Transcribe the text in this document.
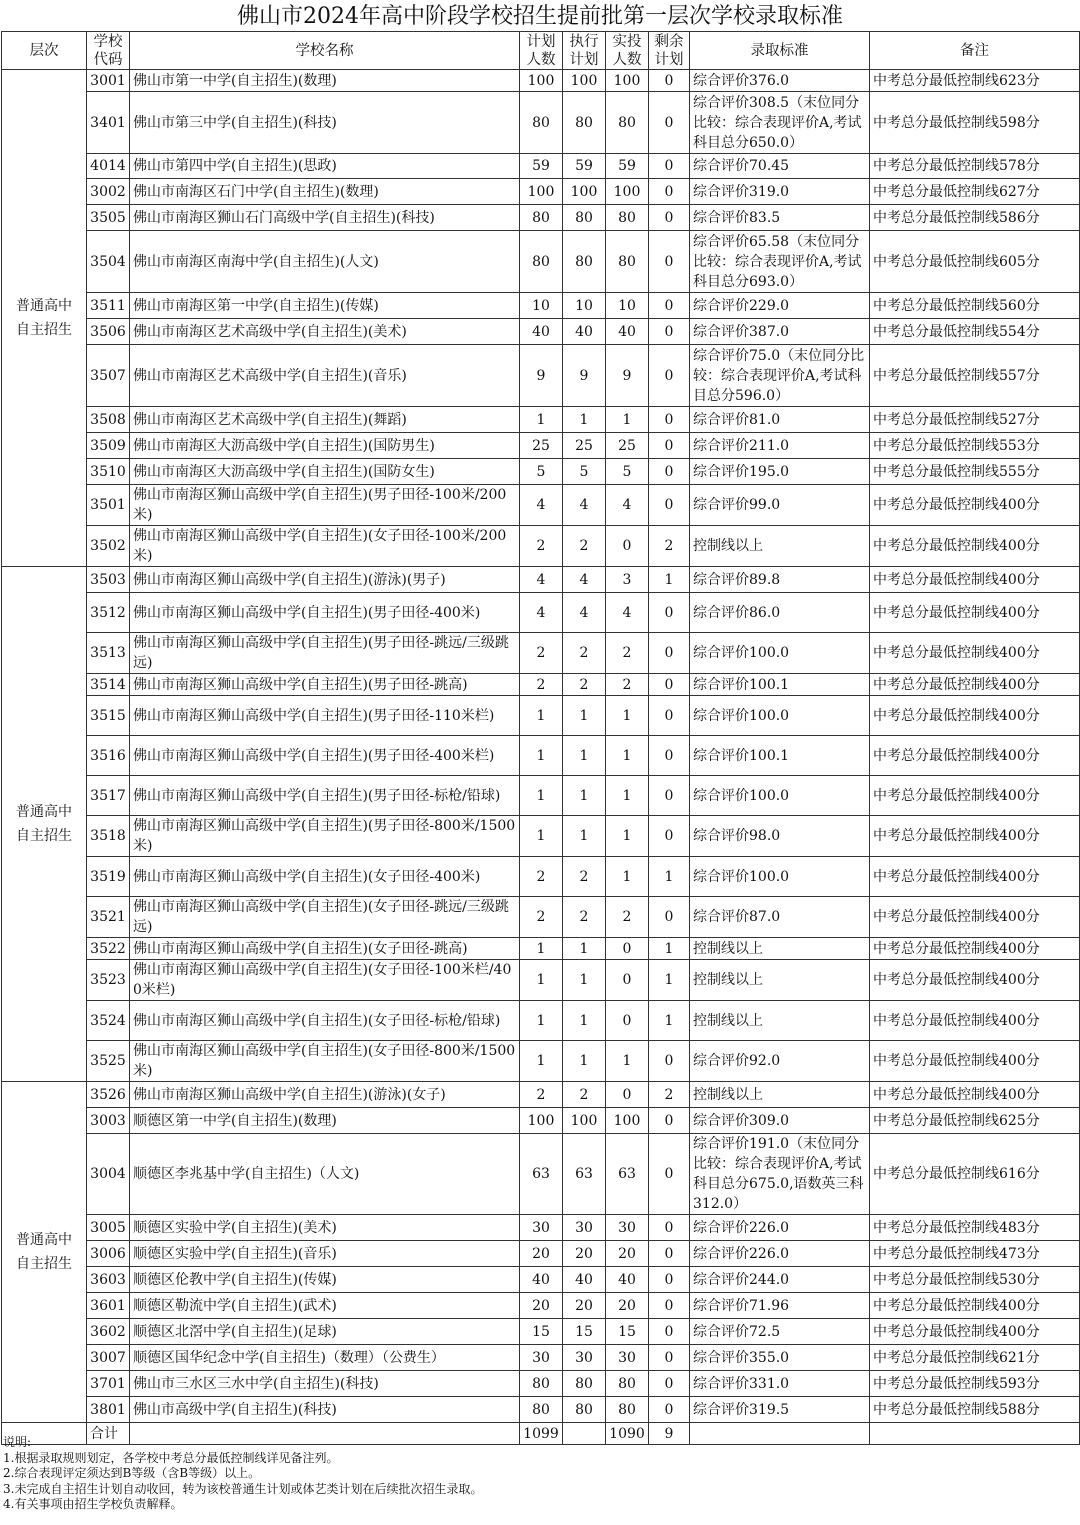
佛山市2024年高中阶段学校招生提前批第一层次学校录取标准
层次	学校代码	学校名称	计划人数	执行计划	实投人数	剩余计划	录取标准	备注
普通高中自主招生	3001	佛山市第一中学(自主招生)(数理)	100	100	100	0	综合评价376.0	中考总分最低控制线623分
	3401	佛山市第三中学(自主招生)(科技)	80	80	80	0	综合评价308.5（末位同分比较：综合表现评价A,考试科目总分650.0）	中考总分最低控制线598分
	4014	佛山市第四中学(自主招生)(思政)	59	59	59	0	综合评价70.45	中考总分最低控制线578分
	3002	佛山市南海区石门中学(自主招生)(数理)	100	100	100	0	综合评价319.0	中考总分最低控制线627分
	3505	佛山市南海区狮山石门高级中学(自主招生)(科技)	80	80	80	0	综合评价83.5	中考总分最低控制线586分
	3504	佛山市南海区南海中学(自主招生)(人文)	80	80	80	0	综合评价65.58（末位同分比较：综合表现评价A,考试科目总分693.0）	中考总分最低控制线605分
	3511	佛山市南海区第一中学(自主招生)(传媒)	10	10	10	0	综合评价229.0	中考总分最低控制线560分
	3506	佛山市南海区艺术高级中学(自主招生)(美术)	40	40	40	0	综合评价387.0	中考总分最低控制线554分
	3507	佛山市南海区艺术高级中学(自主招生)(音乐)	9	9	9	0	综合评价75.0（末位同分比较：综合表现评价A,考试科目总分596.0）	中考总分最低控制线557分
	3508	佛山市南海区艺术高级中学(自主招生)(舞蹈)	1	1	1	0	综合评价81.0	中考总分最低控制线527分
	3509	佛山市南海区大沥高级中学(自主招生)(国防男生)	25	25	25	0	综合评价211.0	中考总分最低控制线553分
	3510	佛山市南海区大沥高级中学(自主招生)(国防女生)	5	5	5	0	综合评价195.0	中考总分最低控制线555分
	3501	佛山市南海区狮山高级中学(自主招生)(男子田径-100米/200米)	4	4	4	0	综合评价99.0	中考总分最低控制线400分
	3502	佛山市南海区狮山高级中学(自主招生)(女子田径-100米/200米)	2	2	0	2	控制线以上	中考总分最低控制线400分
普通高中自主招生	3503	佛山市南海区狮山高级中学(自主招生)(游泳)(男子)	4	4	3	1	综合评价89.8	中考总分最低控制线400分
	3512	佛山市南海区狮山高级中学(自主招生)(男子田径-400米)	4	4	4	0	综合评价86.0	中考总分最低控制线400分
	3513	佛山市南海区狮山高级中学(自主招生)(男子田径-跳远/三级跳远)	2	2	2	0	综合评价100.0	中考总分最低控制线400分
	3514	佛山市南海区狮山高级中学(自主招生)(男子田径-跳高)	2	2	2	0	综合评价100.1	中考总分最低控制线400分
	3515	佛山市南海区狮山高级中学(自主招生)(男子田径-110米栏)	1	1	1	0	综合评价100.0	中考总分最低控制线400分
	3516	佛山市南海区狮山高级中学(自主招生)(男子田径-400米栏)	1	1	1	0	综合评价100.1	中考总分最低控制线400分
	3517	佛山市南海区狮山高级中学(自主招生)(男子田径-标枪/铅球)	1	1	1	0	综合评价100.0	中考总分最低控制线400分
	3518	佛山市南海区狮山高级中学(自主招生)(男子田径-800米/1500米)	1	1	1	0	综合评价98.0	中考总分最低控制线400分
	3519	佛山市南海区狮山高级中学(自主招生)(女子田径-400米)	2	2	1	1	综合评价100.0	中考总分最低控制线400分
	3521	佛山市南海区狮山高级中学(自主招生)(女子田径-跳远/三级跳远)	2	2	2	0	综合评价87.0	中考总分最低控制线400分
	3522	佛山市南海区狮山高级中学(自主招生)(女子田径-跳高)	1	1	0	1	控制线以上	中考总分最低控制线400分
	3523	佛山市南海区狮山高级中学(自主招生)(女子田径-100米栏/400米栏)	1	1	0	1	控制线以上	中考总分最低控制线400分
	3524	佛山市南海区狮山高级中学(自主招生)(女子田径-标枪/铅球)	1	1	0	1	控制线以上	中考总分最低控制线400分
	3525	佛山市南海区狮山高级中学(自主招生)(女子田径-800米/1500米)	1	1	1	0	综合评价92.0	中考总分最低控制线400分
普通高中自主招生	3526	佛山市南海区狮山高级中学(自主招生)(游泳)(女子)	2	2	0	2	控制线以上	中考总分最低控制线400分
	3003	顺德区第一中学(自主招生)(数理)	100	100	100	0	综合评价309.0	中考总分最低控制线625分
	3004	顺德区李兆基中学(自主招生)（人文)	63	63	63	0	综合评价191.0（末位同分比较：综合表现评价A,考试科目总分675.0,语数英三科312.0）	中考总分最低控制线616分
	3005	顺德区实验中学(自主招生)(美术)	30	30	30	0	综合评价226.0	中考总分最低控制线483分
	3006	顺德区实验中学(自主招生)(音乐)	20	20	20	0	综合评价226.0	中考总分最低控制线473分
	3603	顺德区伦教中学(自主招生)(传媒)	40	40	40	0	综合评价244.0	中考总分最低控制线530分
	3601	顺德区勒流中学(自主招生)(武术)	20	20	20	0	综合评价71.96	中考总分最低控制线400分
	3602	顺德区北滘中学(自主招生)(足球)	15	15	15	0	综合评价72.5	中考总分最低控制线400分
	3007	顺德区国华纪念中学(自主招生)（数理）（公费生）	30	30	30	0	综合评价355.0	中考总分最低控制线621分
	3701	佛山市三水区三水中学(自主招生)(科技)	80	80	80	0	综合评价331.0	中考总分最低控制线593分
	3801	佛山市高级中学(自主招生)(科技)	80	80	80	0	综合评价319.5	中考总分最低控制线588分
	合计		1099		1090	9		
说明:
1.根据录取规则划定，各学校中考总分最低控制线详见备注列。
2.综合表现评定须达到B等级（含B等级）以上。
3.未完成自主招生计划自动收回，转为该校普通生计划或体艺类计划在后续批次招生录取。
4.有关事项由招生学校负责解释。
